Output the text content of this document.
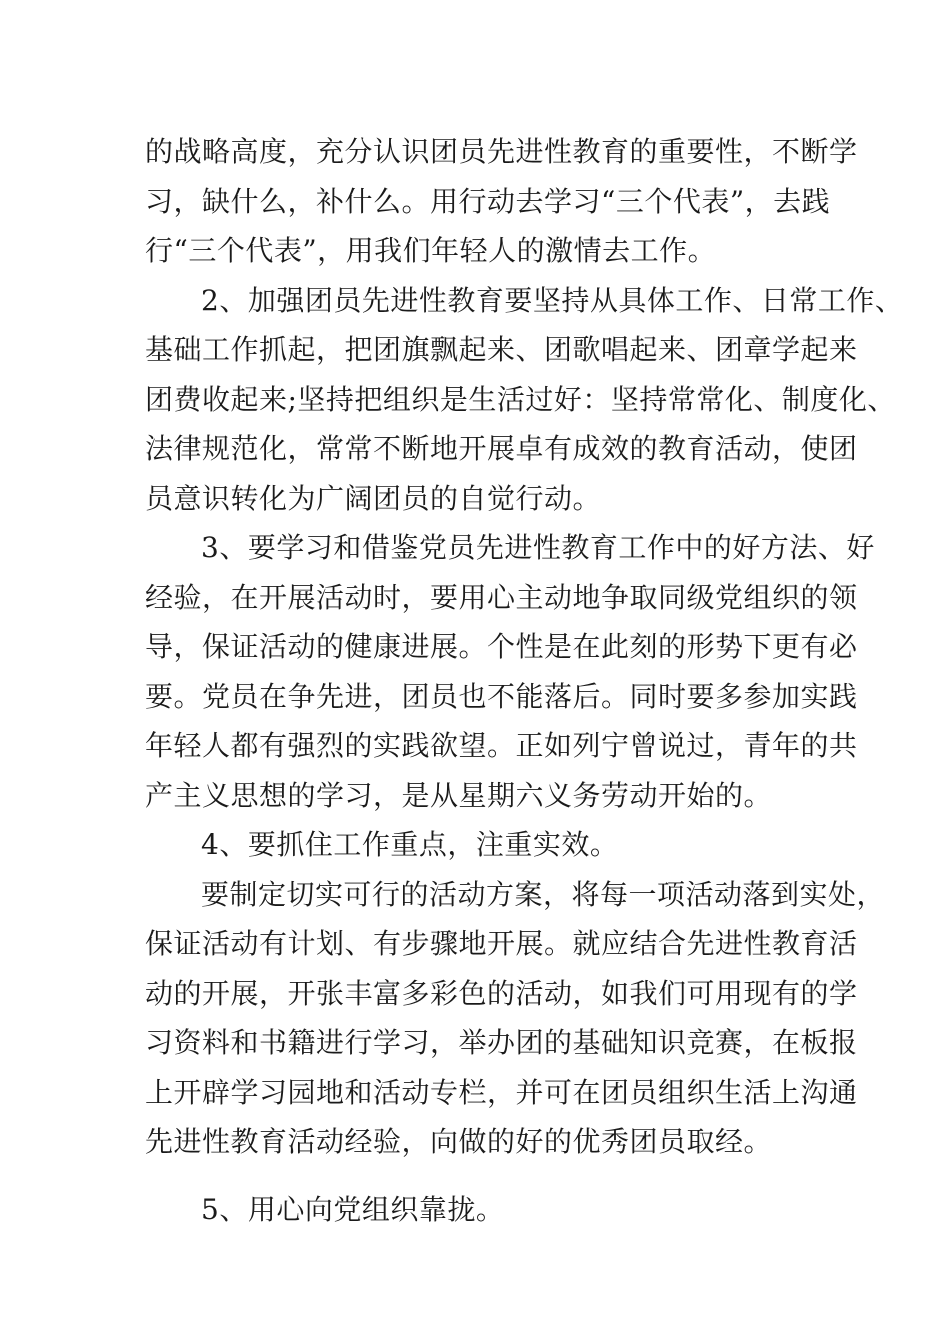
的战略高度，充分认识团员先进性教育的重要性，不断学
习，缺什么，补什么。用行动去学习“三个代表”，去践
行“三个代表”，用我们年轻人的激情去工作。
2、加强团员先进性教育要坚持从具体工作、日常工作、
基础工作抓起，把团旗飘起来、团歌唱起来、团章学起来
团费收起来;坚持把组织是生活过好：坚持常常化、制度化、
法律规范化，常常不断地开展卓有成效的教育活动，使团
员意识转化为广阔团员的自觉行动。
3、要学习和借鉴党员先进性教育工作中的好方法、好
经验，在开展活动时，要用心主动地争取同级党组织的领
导，保证活动的健康进展。个性是在此刻的形势下更有必
要。党员在争先进，团员也不能落后。同时要多参加实践
年轻人都有强烈的实践欲望。正如列宁曾说过，青年的共
产主义思想的学习，是从星期六义务劳动开始的。
4、要抓住工作重点，注重实效。
要制定切实可行的活动方案，将每一项活动落到实处，
保证活动有计划、有步骤地开展。就应结合先进性教育活
动的开展，开张丰富多彩色的活动，如我们可用现有的学
习资料和书籍进行学习，举办团的基础知识竞赛，在板报
上开辟学习园地和活动专栏，并可在团员组织生活上沟通
先进性教育活动经验，向做的好的优秀团员取经。
5、用心向党组织靠拢。
